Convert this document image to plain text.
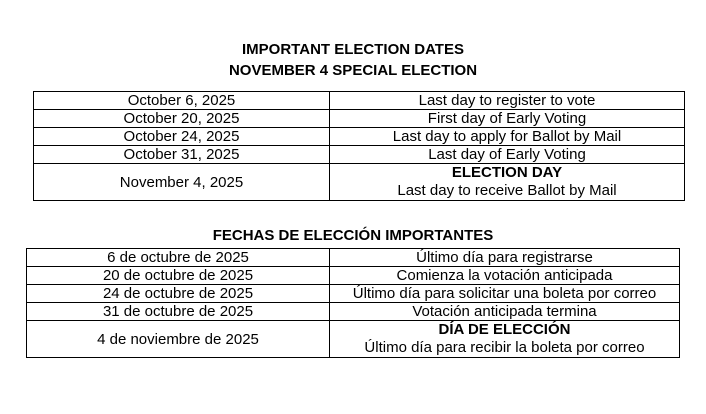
IMPORTANT ELECTION DATES
NOVEMBER 4 SPECIAL ELECTION
October 6, 2025	Last day to register to vote
October 20, 2025	First day of Early Voting
October 24, 2025	Last day to apply for Ballot by Mail
October 31, 2025	Last day of Early Voting
November 4, 2025	ELECTION DAY
Last day to receive Ballot by Mail
FECHAS DE ELECCIÓN IMPORTANTES
6 de octubre de 2025	Último día para registrarse
20 de octubre de 2025	Comienza la votación anticipada
24 de octubre de 2025	Último día para solicitar una boleta por correo
31 de octubre de 2025	Votación anticipada termina
4 de noviembre de 2025	DÍA DE ELECCIÓN
Último día para recibir la boleta por correo
